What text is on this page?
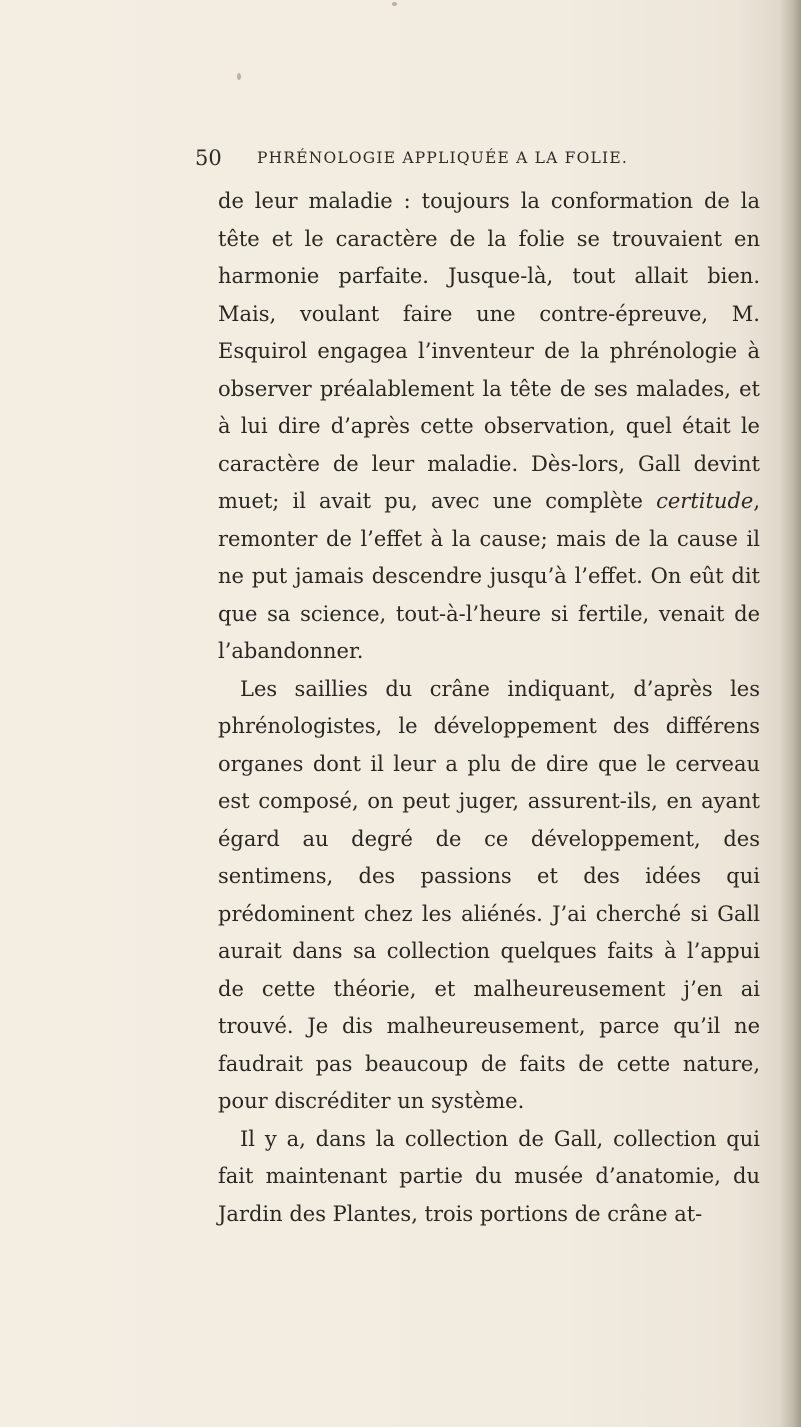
50 PHRÉNOLOGIE APPLIQUÉE A LA FOLIE.

de leur maladie : toujours la conformation de la tête et le caractère de la folie se trouvaient en harmonie parfaite. Jusque-là, tout allait bien. Mais, voulant faire une contre-épreuve, M. Esquirol engagea l’inventeur de la phrénologie à observer préalablement la tête de ses malades, et à lui dire d’après cette observation, quel était le caractère de leur maladie. Dès-lors, Gall devint muet; il avait pu, avec une complète certitude, remonter de l’effet à la cause; mais de la cause il ne put jamais descendre jusqu’à l’effet. On eût dit que sa science, tout-à-l’heure si fertile, venait de l’abandonner.

Les saillies du crâne indiquant, d’après les phrénologistes, le développement des différens organes dont il leur a plu de dire que le cerveau est composé, on peut juger, assurent-ils, en ayant égard au degré de ce développement, des sentimens, des passions et des idées qui prédominent chez les aliénés. J’ai cherché si Gall aurait dans sa collection quelques faits à l’appui de cette théorie, et malheureusement j’en ai trouvé. Je dis malheureusement, parce qu’il ne faudrait pas beaucoup de faits de cette nature, pour discréditer un système.

Il y a, dans la collection de Gall, collection qui fait maintenant partie du musée d’anatomie, du Jardin des Plantes, trois portions de crâne at-
